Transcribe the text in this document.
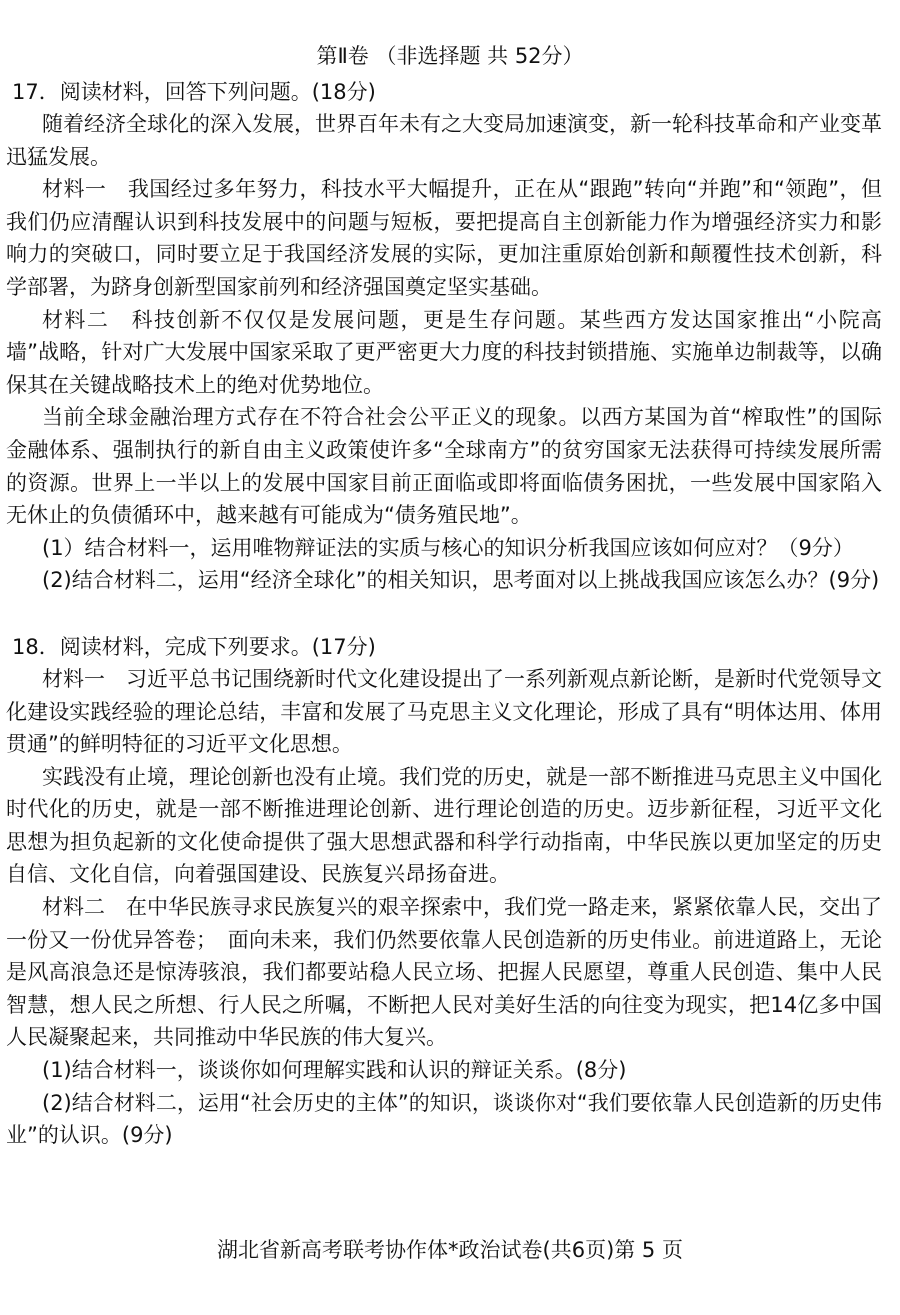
第Ⅱ卷 （非选择题 共 52分）

17．阅读材料，回答下列问题。(18分)

随着经济全球化的深入发展，世界百年未有之大变局加速演变，新一轮科技革命和产业变革迅猛发展。

材料一　我国经过多年努力，科技水平大幅提升，正在从“跟跑”转向“并跑”和“领跑”，但我们仍应清醒认识到科技发展中的问题与短板，要把提高自主创新能力作为增强经济实力和影响力的突破口，同时要立足于我国经济发展的实际，更加注重原始创新和颠覆性技术创新，科学部署，为跻身创新型国家前列和经济强国奠定坚实基础。

材料二　科技创新不仅仅是发展问题，更是生存问题。某些西方发达国家推出“小院高墙”战略，针对广大发展中国家采取了更严密更大力度的科技封锁措施、实施单边制裁等，以确保其在关键战略技术上的绝对优势地位。

当前全球金融治理方式存在不符合社会公平正义的现象。以西方某国为首“榨取性”的国际金融体系、强制执行的新自由主义政策使许多“全球南方”的贫穷国家无法获得可持续发展所需的资源。世界上一半以上的发展中国家目前正面临或即将面临债务困扰，一些发展中国家陷入无休止的负债循环中，越来越有可能成为“债务殖民地”。

(1）结合材料一，运用唯物辩证法的实质与核心的知识分析我国应该如何应对？（9分）

(2)结合材料二，运用“经济全球化”的相关知识，思考面对以上挑战我国应该怎么办？(9分)

18．阅读材料，完成下列要求。(17分)

材料一　习近平总书记围绕新时代文化建设提出了一系列新观点新论断，是新时代党领导文化建设实践经验的理论总结，丰富和发展了马克思主义文化理论，形成了具有“明体达用、体用贯通”的鲜明特征的习近平文化思想。

实践没有止境，理论创新也没有止境。我们党的历史，就是一部不断推进马克思主义中国化时代化的历史，就是一部不断推进理论创新、进行理论创造的历史。迈步新征程，习近平文化思想为担负起新的文化使命提供了强大思想武器和科学行动指南，中华民族以更加坚定的历史自信、文化自信，向着强国建设、民族复兴昂扬奋进。

材料二　在中华民族寻求民族复兴的艰辛探索中，我们党一路走来，紧紧依靠人民，交出了一份又一份优异答卷；　面向未来，我们仍然要依靠人民创造新的历史伟业。前进道路上，无论是风高浪急还是惊涛骇浪，我们都要站稳人民立场、把握人民愿望，尊重人民创造、集中人民智慧，想人民之所想、行人民之所嘱，不断把人民对美好生活的向往变为现实，把14亿多中国人民凝聚起来，共同推动中华民族的伟大复兴。

(1)结合材料一，谈谈你如何理解实践和认识的辩证关系。(8分)

(2)结合材料二，运用“社会历史的主体”的知识，谈谈你对“我们要依靠人民创造新的历史伟业”的认识。(9分)

湖北省新高考联考协作体*政治试卷(共6页)第 5 页
